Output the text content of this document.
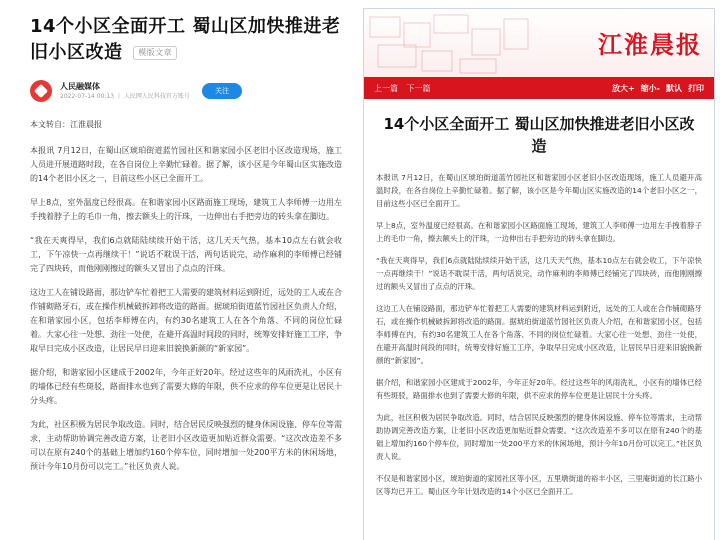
14个小区全面开工 蜀山区加快推进老旧小区改造 模版文章
人民融媒体
2022-07-14 00:13 丨 人民网人民科技官方账号
关注

本文转自：江淮晨报

本报讯 7月12日，在蜀山区琥珀街道蓝竹园社区和谐家园小区老旧小区改造现场，施工人员进开展道路时段，在各自岗位上辛勤忙碌着。据了解，该小区是今年蜀山区实施改造的14个老旧小区之一，目前这些小区已全面开工。

早上8点，室外温度已经很高。在和谐家园小区路面施工现场，建筑工人李师傅一边用左手拽着脖子上的毛巾一角，擦去额头上的汗珠，一边伸出右手把旁边的砖头拿在脚边。

“我在天爽得早，我们6点就陆陆续续开始干活，这几天天气热，基本10点左右就会收工，下午凉快一点再继续干！”说话不耽误干活，两句话说完，动作麻利的李师傅已经铺完了四块砖，而他刚刚擦过的额头又冒出了点点的汗珠。

这边工人在铺设路面，那边铲车忙着把工人需要的建筑材料运到附近，远处的工人或在合作铺砌路牙石，或在操作机械破拆卸将改造的路面。据琥珀街道蓝竹园社区负责人介绍，在和谐家园小区，包括李师傅在内，有约30名建筑工人在各个角落、不同的岗位忙碌着。大家心往一处想、劲往一处使，在避开高温时间段的同时，统筹安排好施工工序，争取早日完成小区改造，让居民早日迎来旧貌换新颜的“新家园”。

据介绍，和谐家园小区建成于2002年，今年正好20年。经过这些年的风雨洗礼，小区有的墙体已经有些斑驳，路面排水也到了需要大修的年限，供不应求的停车位更是让居民十分头疼。

为此，社区积极为居民争取改造。同时，结合居民反映强烈的健身休闲设施、停车位等需求，主动帮助协调完善改造方案，让老旧小区改造更加贴近群众需要。“这次改造差不多可以在原有240个的基础上增加约160个停车位，同时增加一处200平方米的休闲场地，预计今年10月份可以完工。”社区负责人说。

江淮晨报
上一篇 下一篇	放大+ 缩小- 默认 打印
14个小区全面开工 蜀山区加快推进老旧小区改造

本报讯 7月12日，在蜀山区琥珀街道蓝竹园社区和谐家园小区老旧小区改造现场，施工人员避开高温时段，在各自岗位上辛勤忙碌着。据了解，该小区是今年蜀山区实施改造的14个老旧小区之一，目前这些小区已全面开工。

早上8点，室外温度已经很高。在和谐家园小区路面施工现场，建筑工人李师傅一边用左手拽着脖子上的毛巾一角，擦去额头上的汗珠，一边伸出右手把旁边的砖头拿在脚边。

“我在天爽得早，我们6点就陆陆续续开始干活，这几天天气热，基本10点左右就会收工，下午凉快一点再继续干！”说话不耽误干活，两句话说完，动作麻利的李师傅已经铺完了四块砖，而他刚刚擦过的额头又冒出了点点的汗珠。

这边工人在铺设路面，那边铲车忙着把工人需要的建筑材料运到附近，远处的工人或在合作铺砌路牙石，或在操作机械破拆卸将改造的路面。据琥珀街道蓝竹园社区负责人介绍，在和谐家园小区，包括李师傅在内，有约30名建筑工人在各个角落、不同的岗位忙碌着。大家心往一处想、劲往一处使，在避开高温时间段的同时，统筹安排好施工工序，争取早日完成小区改造，让居民早日迎来旧貌换新颜的“新家园”。

据介绍，和谐家园小区建成于2002年，今年正好20年。经过这些年的风雨洗礼，小区有的墙体已经有些斑驳，路面排水也到了需要大修的年限，供不应求的停车位更是让居民十分头疼。

为此，社区积极为居民争取改造。同时，结合居民反映强烈的健身休闲设施、停车位等需求，主动帮助协调完善改造方案，让老旧小区改造更加贴近群众需要。“这次改造差不多可以在原有240个的基础上增加约160个停车位，同时增加一处200平方米的休闲场地，预计今年10月份可以完工。”社区负责人说。

不仅是和谐家园小区，琥珀街道的家园社区等小区，五里墩街道的裕丰小区，三里庵街道的长江路小区等均已开工。蜀山区今年计划改造的14个小区已全面开工。
